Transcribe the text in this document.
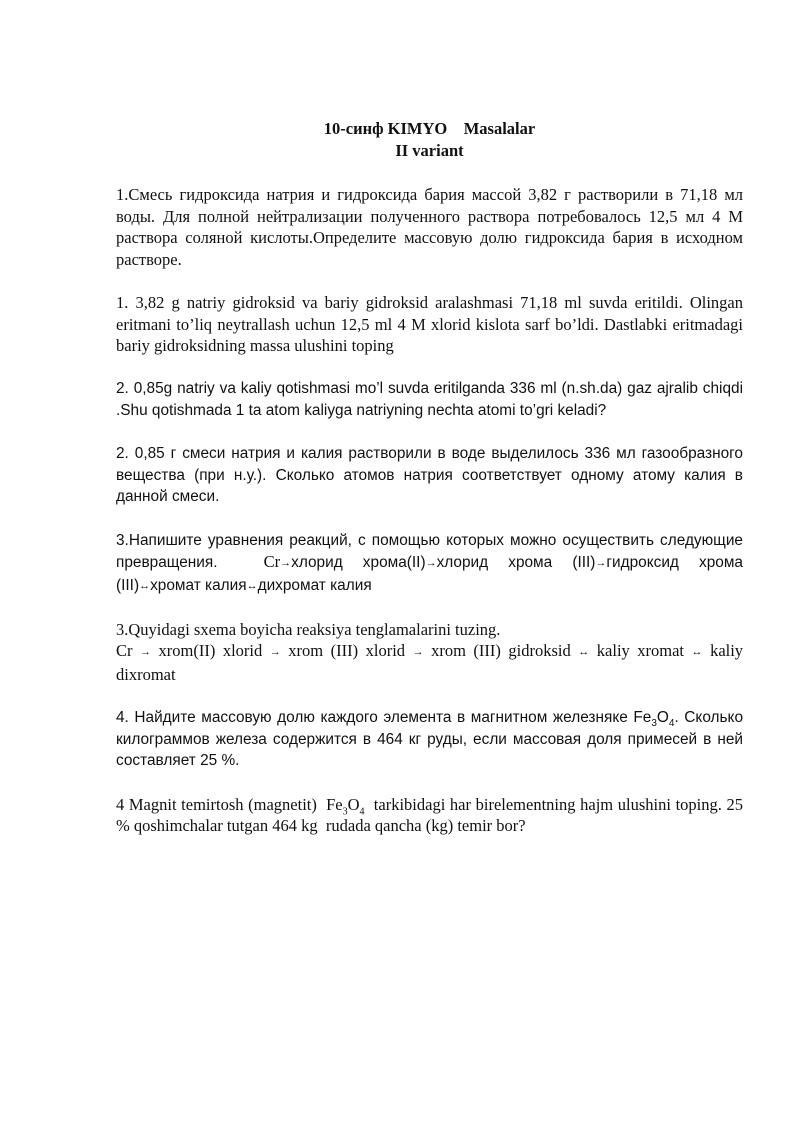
10-синф KIMYO    Masalalar
II variant

1.Смесь гидроксида натрия и гидроксида бария массой 3,82 г растворили в 71,18 мл воды. Для полной нейтрализации полученного раствора потребовалось 12,5 мл 4 М раствора соляной кислоты.Определите массовую долю гидроксида бария в исходном растворе.

1. 3,82 g natriy gidroksid va bariy gidroksid aralashmasi 71,18 ml suvda eritildi. Olingan eritmani to’liq neytrallash uchun 12,5 ml 4 M xlorid kislota sarf bo’ldi. Dastlabki eritmadagi bariy gidroksidning massa ulushini toping

2. 0,85g natriy va kaliy qotishmasi mo’l suvda eritilganda 336 ml (n.sh.da) gaz ajralib chiqdi .Shu qotishmada 1 ta atom kaliyga natriyning nechta atomi to’gri keladi?

2. 0,85 г смеси натрия и калия растворили в воде выделилось 336 мл газообразного вещества (при н.у.). Сколько атомов натрия соответствует одному атому калия в данной смеси.

3.Напишите уравнения реакций, с помощью которых можно осуществить следующие превращения.	Cr→хлорид хрома(II)→хлорид хрома (III)→гидроксид хрома (III)↔хромат калия↔дихромат калия

3.Quyidagi sxema boyicha reaksiya tenglamalarini tuzing.
Cr → xrom(II) xlorid → xrom (III) xlorid → xrom (III) gidroksid ↔ kaliy xromat ↔ kaliy dixromat

4. Найдите массовую долю каждого элемента в магнитном железняке $Fe_3O_4$. Сколько килограммов железа содержится в 464 кг руды, если массовая доля примесей в ней составляет 25 %.

4 Magnit temirtosh (magnetit)  $Fe_3O_4$  tarkibidagi har birelementning hajm ulushini toping. 25 % qoshimchalar tutgan 464 kg  rudada qancha (kg) temir bor?
